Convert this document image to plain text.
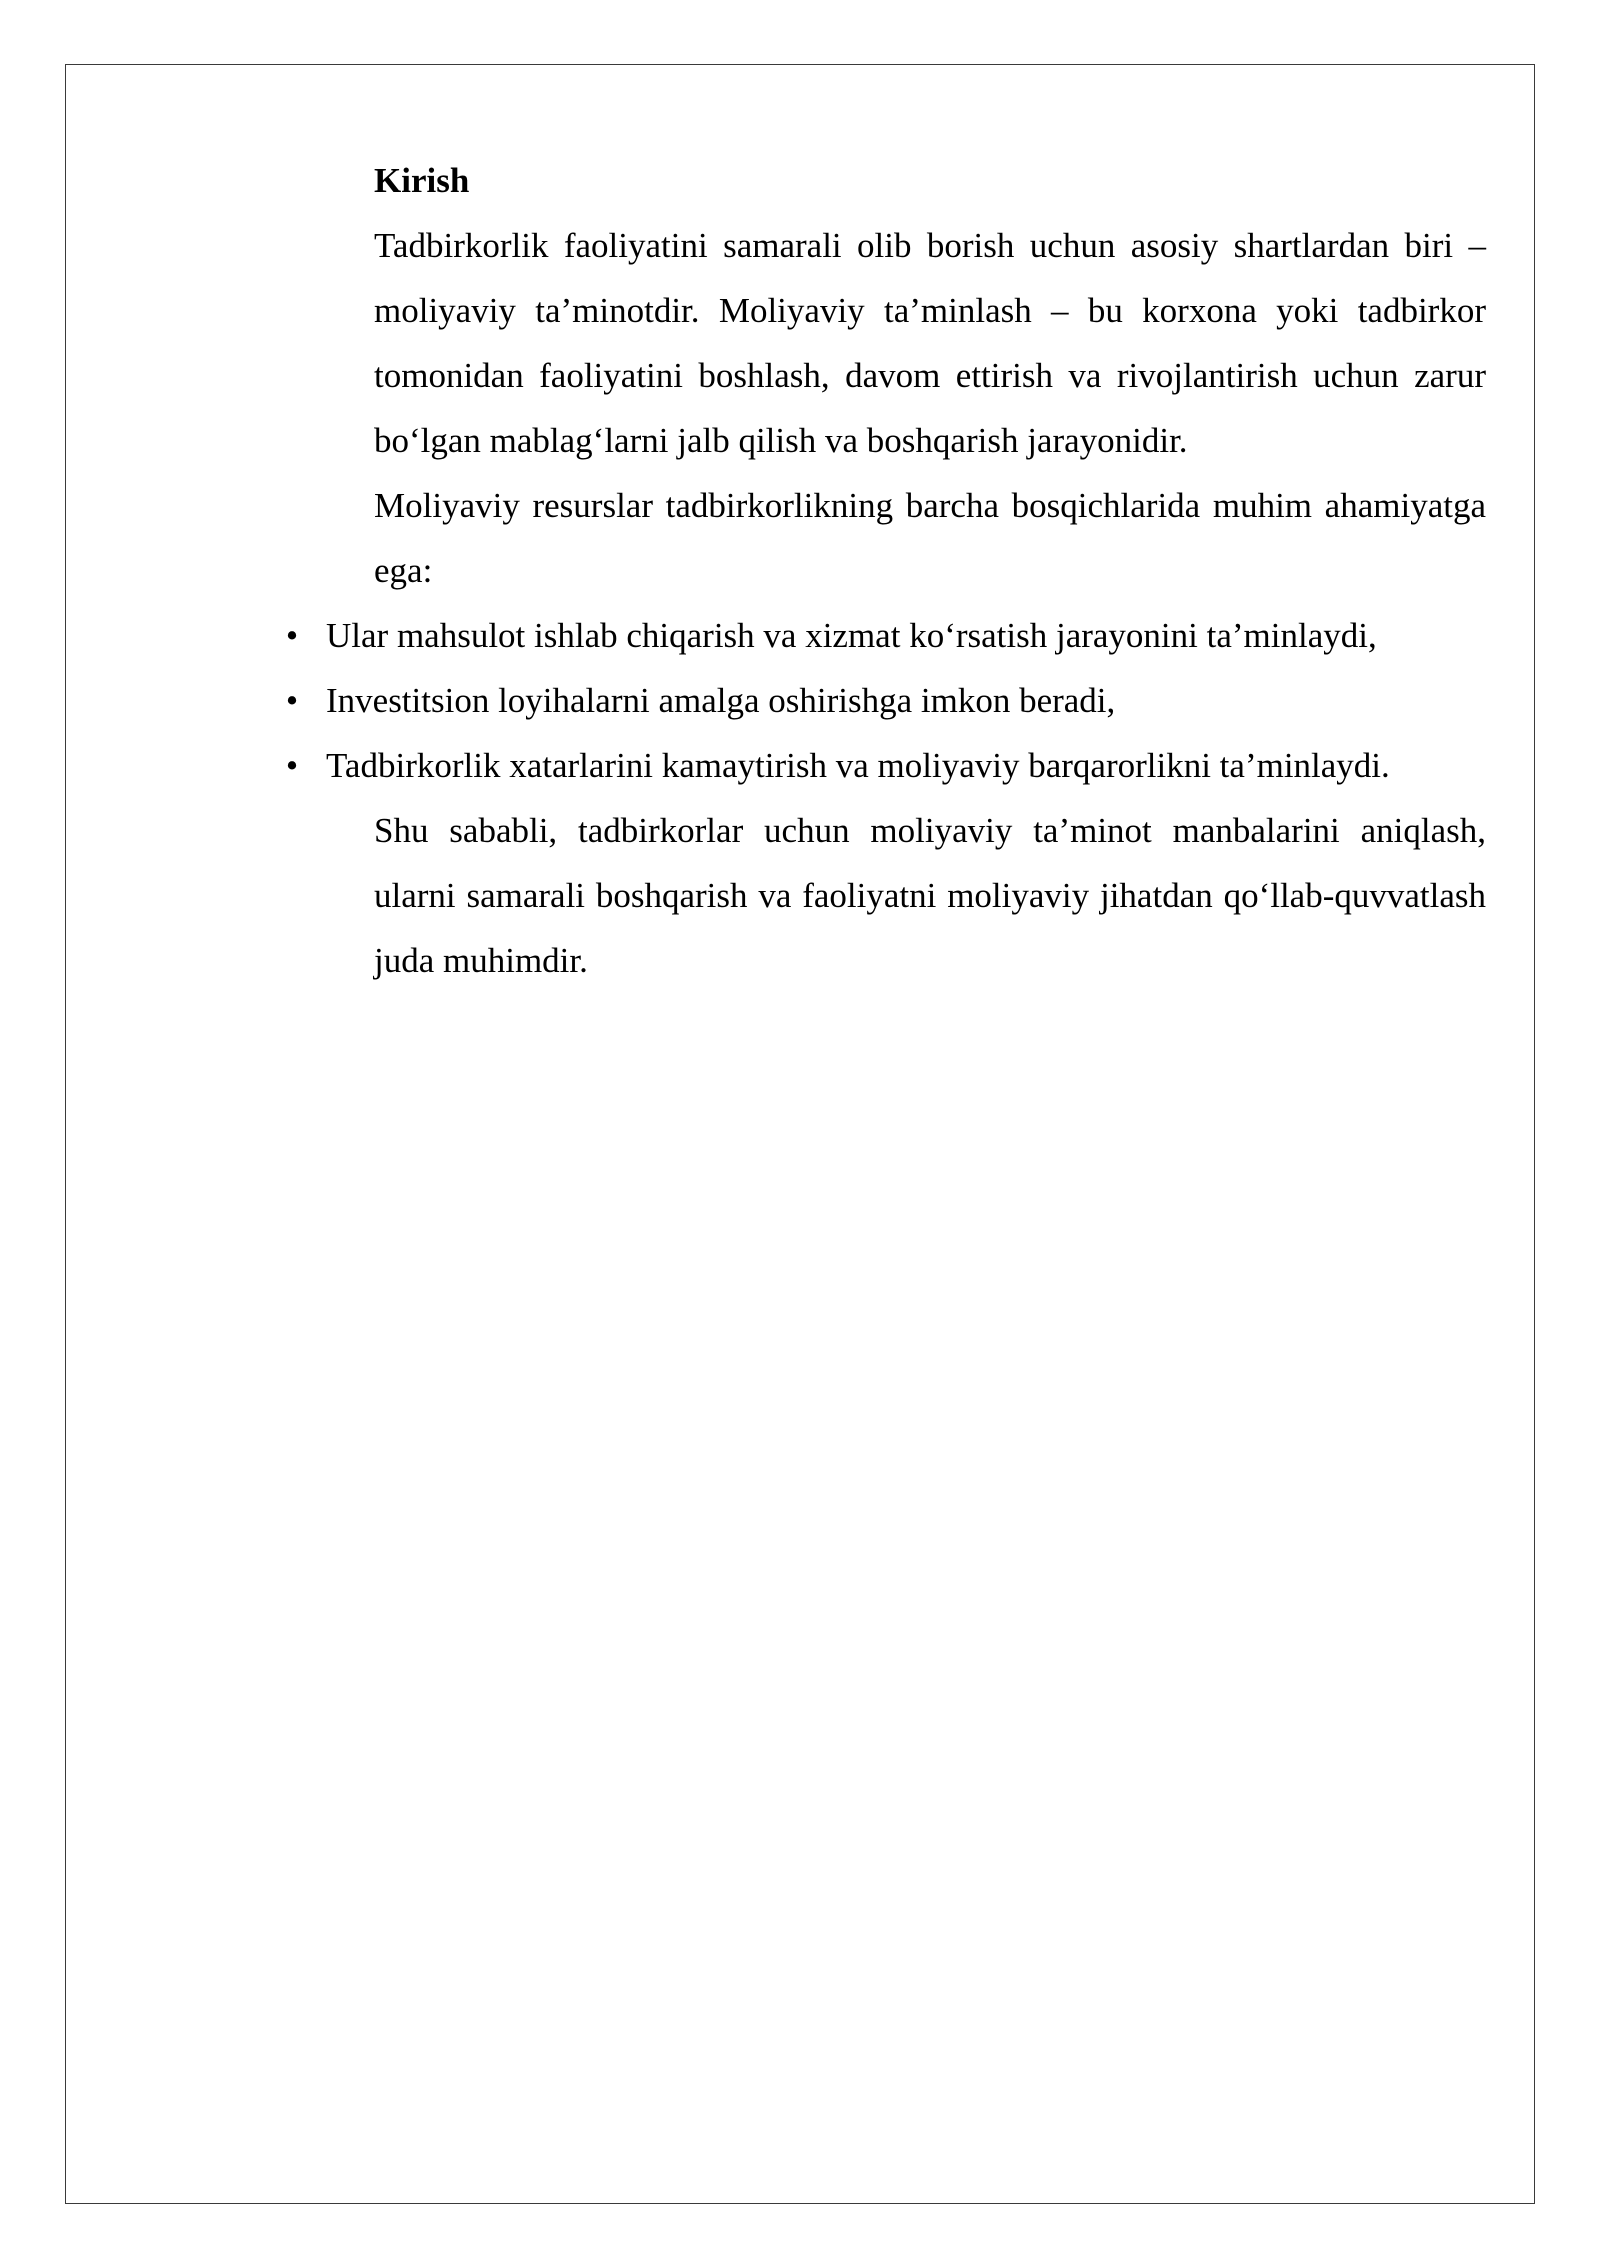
Kirish

Tadbirkorlik faoliyatini samarali olib borish uchun asosiy shartlardan biri – moliyaviy ta’minotdir. Moliyaviy ta’minlash – bu korxona yoki tadbirkor tomonidan faoliyatini boshlash, davom ettirish va rivojlantirish uchun zarur bo‘lgan mablag‘larni jalb qilish va boshqarish jarayonidir.

Moliyaviy resurslar tadbirkorlikning barcha bosqichlarida muhim ahamiyatga ega:

• Ular mahsulot ishlab chiqarish va xizmat ko‘rsatish jarayonini ta’minlaydi,
• Investitsion loyihalarni amalga oshirishga imkon beradi,
• Tadbirkorlik xatarlarini kamaytirish va moliyaviy barqarorlikni ta’minlaydi.

Shu sababli, tadbirkorlar uchun moliyaviy ta’minot manbalarini aniqlash, ularni samarali boshqarish va faoliyatni moliyaviy jihatdan qo‘llab-quvvatlash juda muhimdir.
